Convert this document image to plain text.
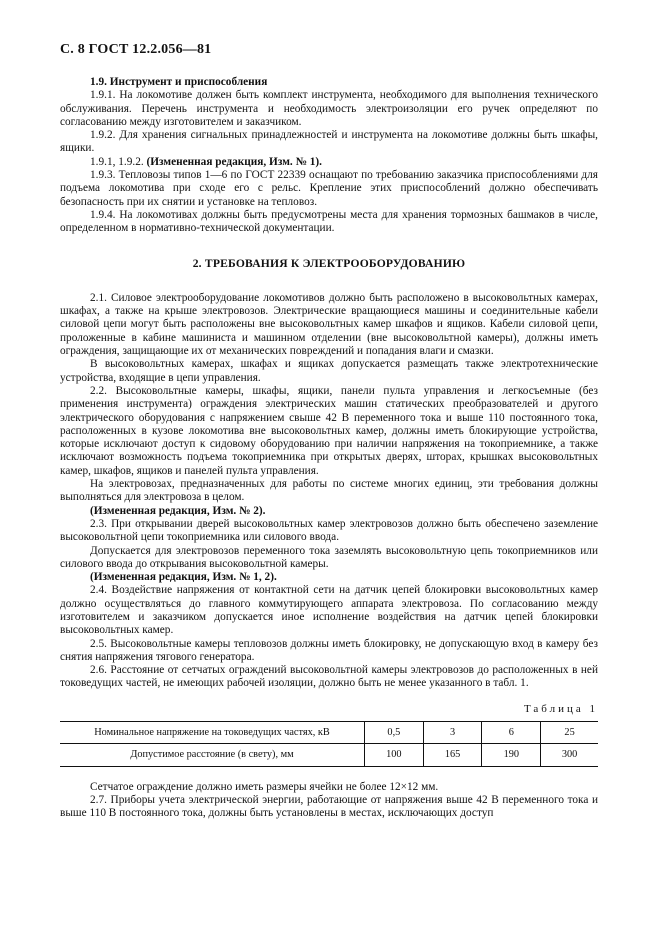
С. 8 ГОСТ 12.2.056—81

1.9. Инструмент и приспособления

1.9.1. На локомотиве должен быть комплект инструмента, необходимого для выполнения технического обслуживания. Перечень инструмента и необходимость электроизоляции его ручек определяют по согласованию между изготовителем и заказчиком.

1.9.2. Для хранения сигнальных принадлежностей и инструмента на локомотиве должны быть шкафы, ящики.

1.9.1, 1.9.2. (Измененная редакция, Изм. № 1).

1.9.3. Тепловозы типов 1—6 по ГОСТ 22339 оснащают по требованию заказчика приспособлениями для подъема локомотива при сходе его с рельс. Крепление этих приспособлений должно обеспечивать безопасность при их снятии и установке на тепловоз.

1.9.4. На локомотивах должны быть предусмотрены места для хранения тормозных башмаков в числе, определенном в нормативно-технической документации.

2. ТРЕБОВАНИЯ К ЭЛЕКТРООБОРУДОВАНИЮ

2.1. Силовое электрооборудование локомотивов должно быть расположено в высоковольтных камерах, шкафах, а также на крыше электровозов. Электрические вращающиеся машины и соединительные кабели силовой цепи могут быть расположены вне высоковольтных камер шкафов и ящиков. Кабели силовой цепи, проложенные в кабине машиниста и машинном отделении (вне высоковольтной камеры), должны иметь ограждения, защищающие их от механических повреждений и попадания влаги и смазки.

В высоковольтных камерах, шкафах и ящиках допускается размещать также электротехнические устройства, входящие в цепи управления.

2.2. Высоковольтные камеры, шкафы, ящики, панели пульта управления и легкосъемные (без применения инструмента) ограждения электрических машин статических преобразователей и другого электрического оборудования с напряжением свыше 42 В переменного тока и выше 110 постоянного тока, расположенных в кузове локомотива вне высоковольтных камер, должны иметь блокирующие устройства, которые исключают доступ к сидовому оборудованию при наличии напряжения на токоприемнике, а также исключают возможность подъема токоприемника при открытых дверях, шторах, крышках высоковольтных камер, шкафов, ящиков и панелей пульта управления.

На электровозах, предназначенных для работы по системе многих единиц, эти требования должны выполняться для электровоза в целом.

(Измененная редакция, Изм. № 2).

2.3. При открывании дверей высоковольтных камер электровозов должно быть обеспечено заземление высоковольтной цепи токоприемника или силового ввода.

Допускается для электровозов переменного тока заземлять высоковольтную цепь токоприемников или силового ввода до открывания высоковольтной камеры.

(Измененная редакция, Изм. № 1, 2).

2.4. Воздействие напряжения от контактной сети на датчик цепей блокировки высоковольтных камер должно осуществляться до главного коммутирующего аппарата электровоза. По согласованию между изготовителем и заказчиком допускается иное исполнение воздействия на датчик цепей блокировки высоковольтных камер.

2.5. Высоковольтные камеры тепловозов должны иметь блокировку, не допускающую вход в камеру без снятия напряжения тягового генератора.

2.6. Расстояние от сетчатых ограждений высоковольтной камеры электровозов до расположенных в ней токоведущих частей, не имеющих рабочей изоляции, должно быть не менее указанного в табл. 1.

Таблица 1
Номинальное напряжение на токоведущих частях, кВ	0,5	3	6	25
Допустимое расстояние (в свету), мм	100	165	190	300

Сетчатое ограждение должно иметь размеры ячейки не более 12×12 мм.

2.7. Приборы учета электрической энергии, работающие от напряжения выше 42 В переменного тока и выше 110 В постоянного тока, должны быть установлены в местах, исключающих доступ
